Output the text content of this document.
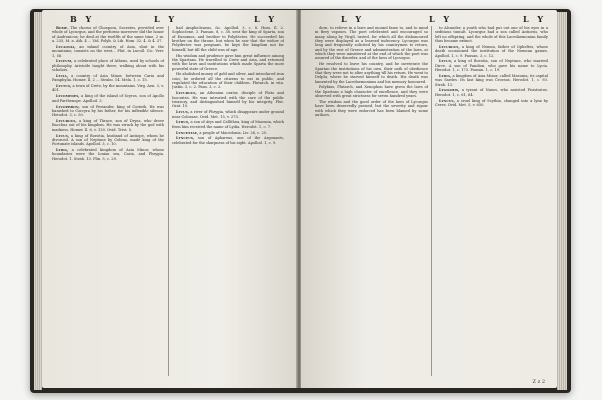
B Y	L Y	L Y

Rome. The chorus of Choepora, Socrates, provided over whole of Lycurgus, and the performs moreover did the honor of Andronicus; he died at the twelfth of the same time, 2 m. a. 235, M. a. Ath. 4 ... Vid. Polyb. & Lib. Hom. 32, 4. & 4. 37.

Lycaonia, an inland country of Asia, shut in the mountains; consists on the west... Plut. in Lucull. Cic. Verr. 1, 56.

Lyceum, a celebrated place of Athens, used by schools of philosophy. Aristotle taught there, walking about with his scholars.

Lycia, a country of Asia Minor, between Caria and Pamphylia. Homer. Il. 2 ... Strabo. 14. Mela. 1, c. 15.

Lyctus, a town of Crete, by the mountains. Virg. Aen. 3, v. 401.

Lycomedes, a king of the island of Scyros, son of Apollo and Parthenope. Apollod. 3.

Lycophron, son of Periander, king of Corinth. He was banished to Corcyra by his father, for his inflexible silence. Herodot. 3, c. 50.

Lycurgus, a king of Thrace, son of Dryas, who drove Bacchus out of his kingdom. He was struck by the god with madness. Homer. Il. 6, v. 130. Ovid. Trist. 5.

Lycus, a king of Boeotia, husband of Antiope, whom he divorced. A son of Neptune by Celeno, made king of the Fortunate islands. Apollod. 3, c. 10.

Lydia, a celebrated kingdom of Asia Minor, whose boundaries were the Ionian sea, Caria, and Phrygia. Herodot. 1. Strab. 13. Plin. 5, c. 29.

had Amphicleaeas, &c. Apollod. 3, c. 8. Hom. Il. 2. Sophoclene, 3. Pausan. 8, c. 38. sent the king of Sparta, son of Eunomus, and brother to Polydectes. He succeeded his brother on the throne, but when he saw that the widow of Polydectes was pregnant, he kept the kingdom not for himself, but till the child was of age.

His wisdom and prudence gave him great influence among the Spartans. He travelled to Crete and Asia, and returned with the laws and institutions which made Sparta the most powerful state of Greece.

He abolished money of gold and silver, and introduced iron coin; he ordered all the citizens to eat in public, and regulated the education of their children. Plutarch. in vita. Justin. 3, c. 2. Paus. 3, c. 2.

Lycurgus, an Athenian orator, disciple of Plato and Isocrates. He was intrusted with the care of the public treasury, and distinguished himself by his integrity. Plut. Orat. 10.

Lycus, a river of Phrygia, which disappears under ground near Colossae. Ovid. Met. 15, v. 273.

Lydus, a son of Atys and Callithea, king of Maeonia, which from him received the name of Lydia. Herodot. 1, c. 7.

Lyncestae, a people of Macedonia. Liv. 26, c. 25.

Lynceus, son of Aphareus, one of the Argonauts, celebrated for the sharpness of his sight. Apollod. 1, c. 9.

L Y	L Y	L Y

dorn, to relieve in a laws and mound fame to, and to mind in fiery vapours. The poet celebrated and encouraged so many along by Virgil, tasted, for which all the dishonoured they were displayed as a learned indecency. Lycurgus was long and frequently solicited by his countrymen to return, and by the rest of Greece and administration of the laws, at which they were ministered at the end of which the poet was assured of the disorder, and of the laws of Lycurgus.

He resolved to leave his country, and be inveterate the Spartan the institutions of his own, their oath of obedience that they were not to alter anything till his return. He went to Delphi, where he starved himself to death. His death was lamented by the Lacedaemonians and his memory honoured.

Polybius, Plutarch, and Xenophon have given the laws of the Spartans a high character of excellence, and they were observed with great strictness for seven hundred years.

The wisdom and the good order of the laws of Lycurgus have been deservedly praised, but the severity and rigour with which they were enforced has been blamed by some authors.

to Alcander, a youth who had put out one of his eyes in a seditious tumult. Lycurgus had a son called Antiorus, who left no offspring, and the whole of this Lacedaemonian family thus became extinct.

Lycurgus, a king of Nemea, father of Opheltes, whose death occasioned the institution of the Nemean games. Apollod. 1, c. 9. Pausan. 3, c. 12.

Lycus, a king of Boeotia, son of Neptune, who married Dirce. A son of Pandion, who gave his name to Lycia. Herodot. 1, c. 173. Pausan. 1, c. 19.

Lydia, a kingdom of Asia Minor, called Maeonia; its capital was Sardes. Its last king was Croesus. Herodot. 1, c. 93. Strab. 13.

Lygdamis, a tyrant of Naxos, who assisted Pisistratus. Herodot. 1, c. 61, 64.

Lyncus, a cruel king of Scythia, changed into a lynx by Ceres. Ovid. Met. 5, v. 650.

Z z 2
